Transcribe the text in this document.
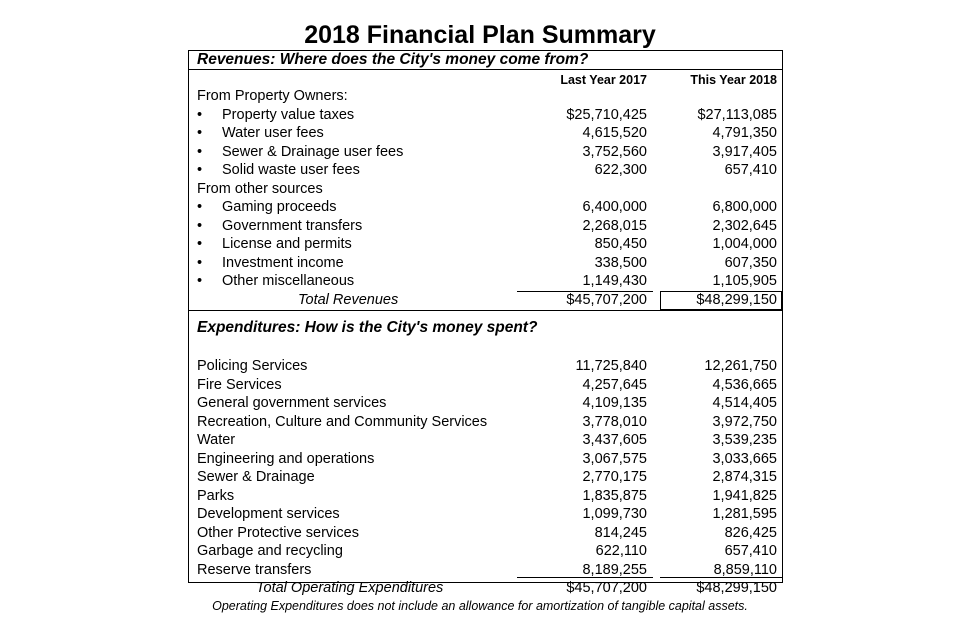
2018 Financial Plan Summary
Revenues: Where does the City's money come from?
Last Year 2017	This Year 2018
From Property Owners:
•	Property value taxes	$25,710,425	$27,113,085
•	Water user fees	4,615,520	4,791,350
•	Sewer & Drainage user fees	3,752,560	3,917,405
•	Solid waste user fees	622,300	657,410
From other sources
•	Gaming proceeds	6,400,000	6,800,000
•	Government transfers	2,268,015	2,302,645
•	License and permits	850,450	1,004,000
•	Investment income	338,500	607,350
•	Other miscellaneous	1,149,430	1,105,905
Total Revenues	$45,707,200	$48,299,150
Expenditures: How is the City's money spent?
Policing Services	11,725,840	12,261,750
Fire Services	4,257,645	4,536,665
General government services	4,109,135	4,514,405
Recreation, Culture and Community Services	3,778,010	3,972,750
Water	3,437,605	3,539,235
Engineering and operations	3,067,575	3,033,665
Sewer & Drainage	2,770,175	2,874,315
Parks	1,835,875	1,941,825
Development services	1,099,730	1,281,595
Other Protective services	814,245	826,425
Garbage and recycling	622,110	657,410
Reserve transfers	8,189,255	8,859,110
Total Operating Expenditures	$45,707,200	$48,299,150
Operating Expenditures does not include an allowance for amortization of tangible capital assets.
